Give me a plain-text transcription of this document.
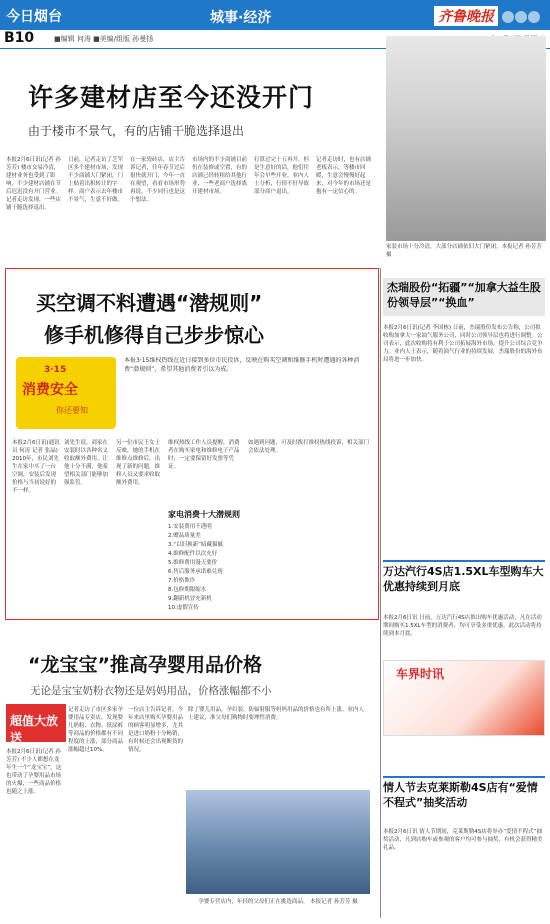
今日烟台	城事·经济	齐鲁晚报
B10	■编辑 何涛 ■美编/组版 孙曼扬
许多建材店至今还没开门
由于楼市不景气，有的店铺干脆选择退出
本报2月6日讯(记者 孙芳芳) 楼市交易冷清，建材业务也受到了影响，不少建材店铺在节后迟迟没有开门营业。记者走访发现，一些店铺干脆选择退出。
日前，记者走访了芝罘区多个建材市场，发现不少商铺大门紧闭，门上贴着出租转让的字样。商户表示去年楼市不景气，生意不好做。
在一家瓷砖店，店主告诉记者，往年春节过后很快就开门，今年一直在观望，看看市场形势再说，不少同行也是这个想法。
市场内的不少商铺目前仍在装修或空置，有的店铺已经转租给其他行业，一些老商户选择离开建材市场。
打算过完十五再开，但是生意好的话，他们往年会早些开业。业内人士分析，行情不好导致部分商户退出。
记者走访时，也有店铺老板表示，等楼市回暖，生意会慢慢好起来，对今年的市场还是抱有一定信心的。
家装市场十分冷清，大部分店铺依旧大门紧闭。本报记者 孙芳芳 摄
买空调不料遭遇“潜规则”
修手机修得自己步步惊心
3·15
消费安全
你还要知
本报3·15维权热线在近日接到多位市民投诉，反映在购买空调和维修手机时遭遇的各种消费“潜规则”，希望其他消费者引以为戒。
本报2月6日讯(通讯员 何涛 记者 张晶) 2010年，市民刘先生在家中买了一台空调，安装后发现价格与当初说好的不一样。
刘先生说，商家在安装时以各种名义收取额外费用，让他十分不满，他希望相关部门能够加强监管。
另一位市民王女士反映，她的手机在维修点维修后，出现了新的问题，维修人员又要求收取额外费用。
维权热线工作人员提醒，消费者在购买家电和维修电子产品时，一定要保留好发票等凭证。
如遇到问题，可及时拨打维权热线投诉，相关部门会依法处理。
家电消费十大潜规则
1.安装费用不透明
2.赠品质量差
3.“以旧换新”暗藏猫腻
4.维修配件以次充好
5.维修费用漫天要价
6.售后服务承诺难兑现
7.价格欺诈
8.包修期限缩水
9.翻新机冒充新机
10.虚假宣传
杰瑞股份“拓疆”“加拿大益生股份领导层”“换血”
本报2月6日讯(记者 李国栋) 日前，杰瑞股份发布公告称，公司拟收购加拿大一家油气服务公司，同时公司领导层也将进行调整。公司表示，此次收购将有利于公司拓展海外市场，提升公司综合竞争力。业内人士表示，随着油气行业的持续发展，杰瑞股份的海外布局将进一步加快。
万达汽行4S店1.5XL车型购车大优惠持续到月底
本报2月6日讯 日前，万达汽行4S店推出购车优惠活动，凡在活动期间购买1.5XL车型的消费者，均可享受多重优惠，此次活动将持续到本月底。
车界时讯
情人节去克莱斯勒4S店有“爱情不程式”抽奖活动
本报2月6日讯 情人节期间，克莱斯勒4S店将举办“爱情不程式”抽奖活动，凡到店购车或参观的客户均可参与抽奖，有机会获得精美礼品。
“龙宝宝”推高孕婴用品价格
无论是宝宝奶粉衣物还是妈妈用品，价格涨幅都不小
超值大放送
本报2月6日讯(记者 孙芳芳) 不少人都想在龙年生一个“龙宝宝”，这也带动了孕婴用品市场的火爆，一些商品价格也随之上涨。
记者走访了市区多家孕婴用品专卖店，发现婴儿奶粉、衣物、纸尿裤等商品的价格都有不同程度的上涨，部分商品涨幅超过10%。
一位店主告诉记者，今年来店里购买孕婴用品的顾客明显增多，尤其是进口奶粉十分畅销，有时候还会出现断货的情况。
除了婴儿用品，孕妇装、防辐射服等妈妈用品的价格也有所上涨。业内人士建议，准父母们购物时要理性消费。
孕婴专营店内，年轻的父母们正在挑选商品。 本报记者 孙芳芳 摄
